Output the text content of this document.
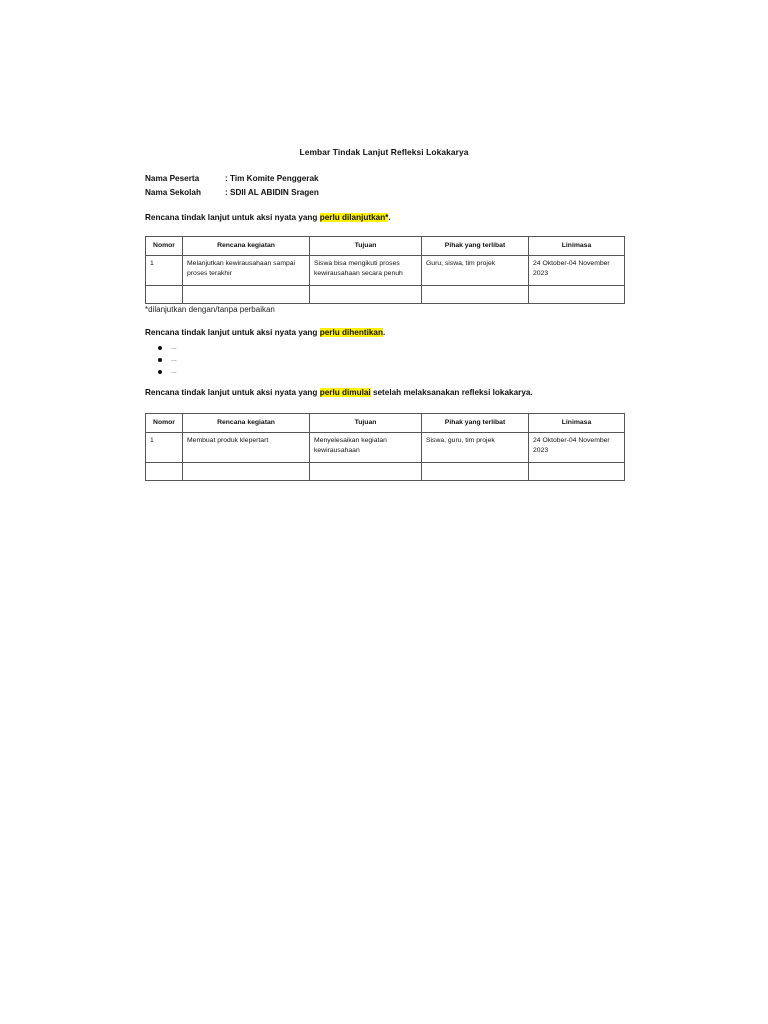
Lembar Tindak Lanjut Refleksi Lokakarya
Nama Peserta	: Tim Komite Penggerak
Nama Sekolah	: SDII AL ABIDIN Sragen
Rencana tindak lanjut untuk aksi nyata yang perlu dilanjutkan*.
Nomor	Rencana kegiatan	Tujuan	Pihak yang terlibat	Linimasa
1	Melanjutkan kewirausahaan sampai proses terakhir	Siswa bisa mengikuti proses kewirausahaan secara penuh	Guru, siswa, tim projek	24 Oktober-04 November 2023

*dilanjutkan dengan/tanpa perbaikan
Rencana tindak lanjut untuk aksi nyata yang perlu dihentikan.
...
...
...
Rencana tindak lanjut untuk aksi nyata yang perlu dimulai setelah melaksanakan refleksi lokakarya.
Nomor	Rencana kegiatan	Tujuan	Pihak yang terlibat	Linimasa
1	Membuat produk klepertart	Menyelesaikan kegiatan kewirausahaan	Siswa, guru, tim projek	24 Oktober-04 November 2023
